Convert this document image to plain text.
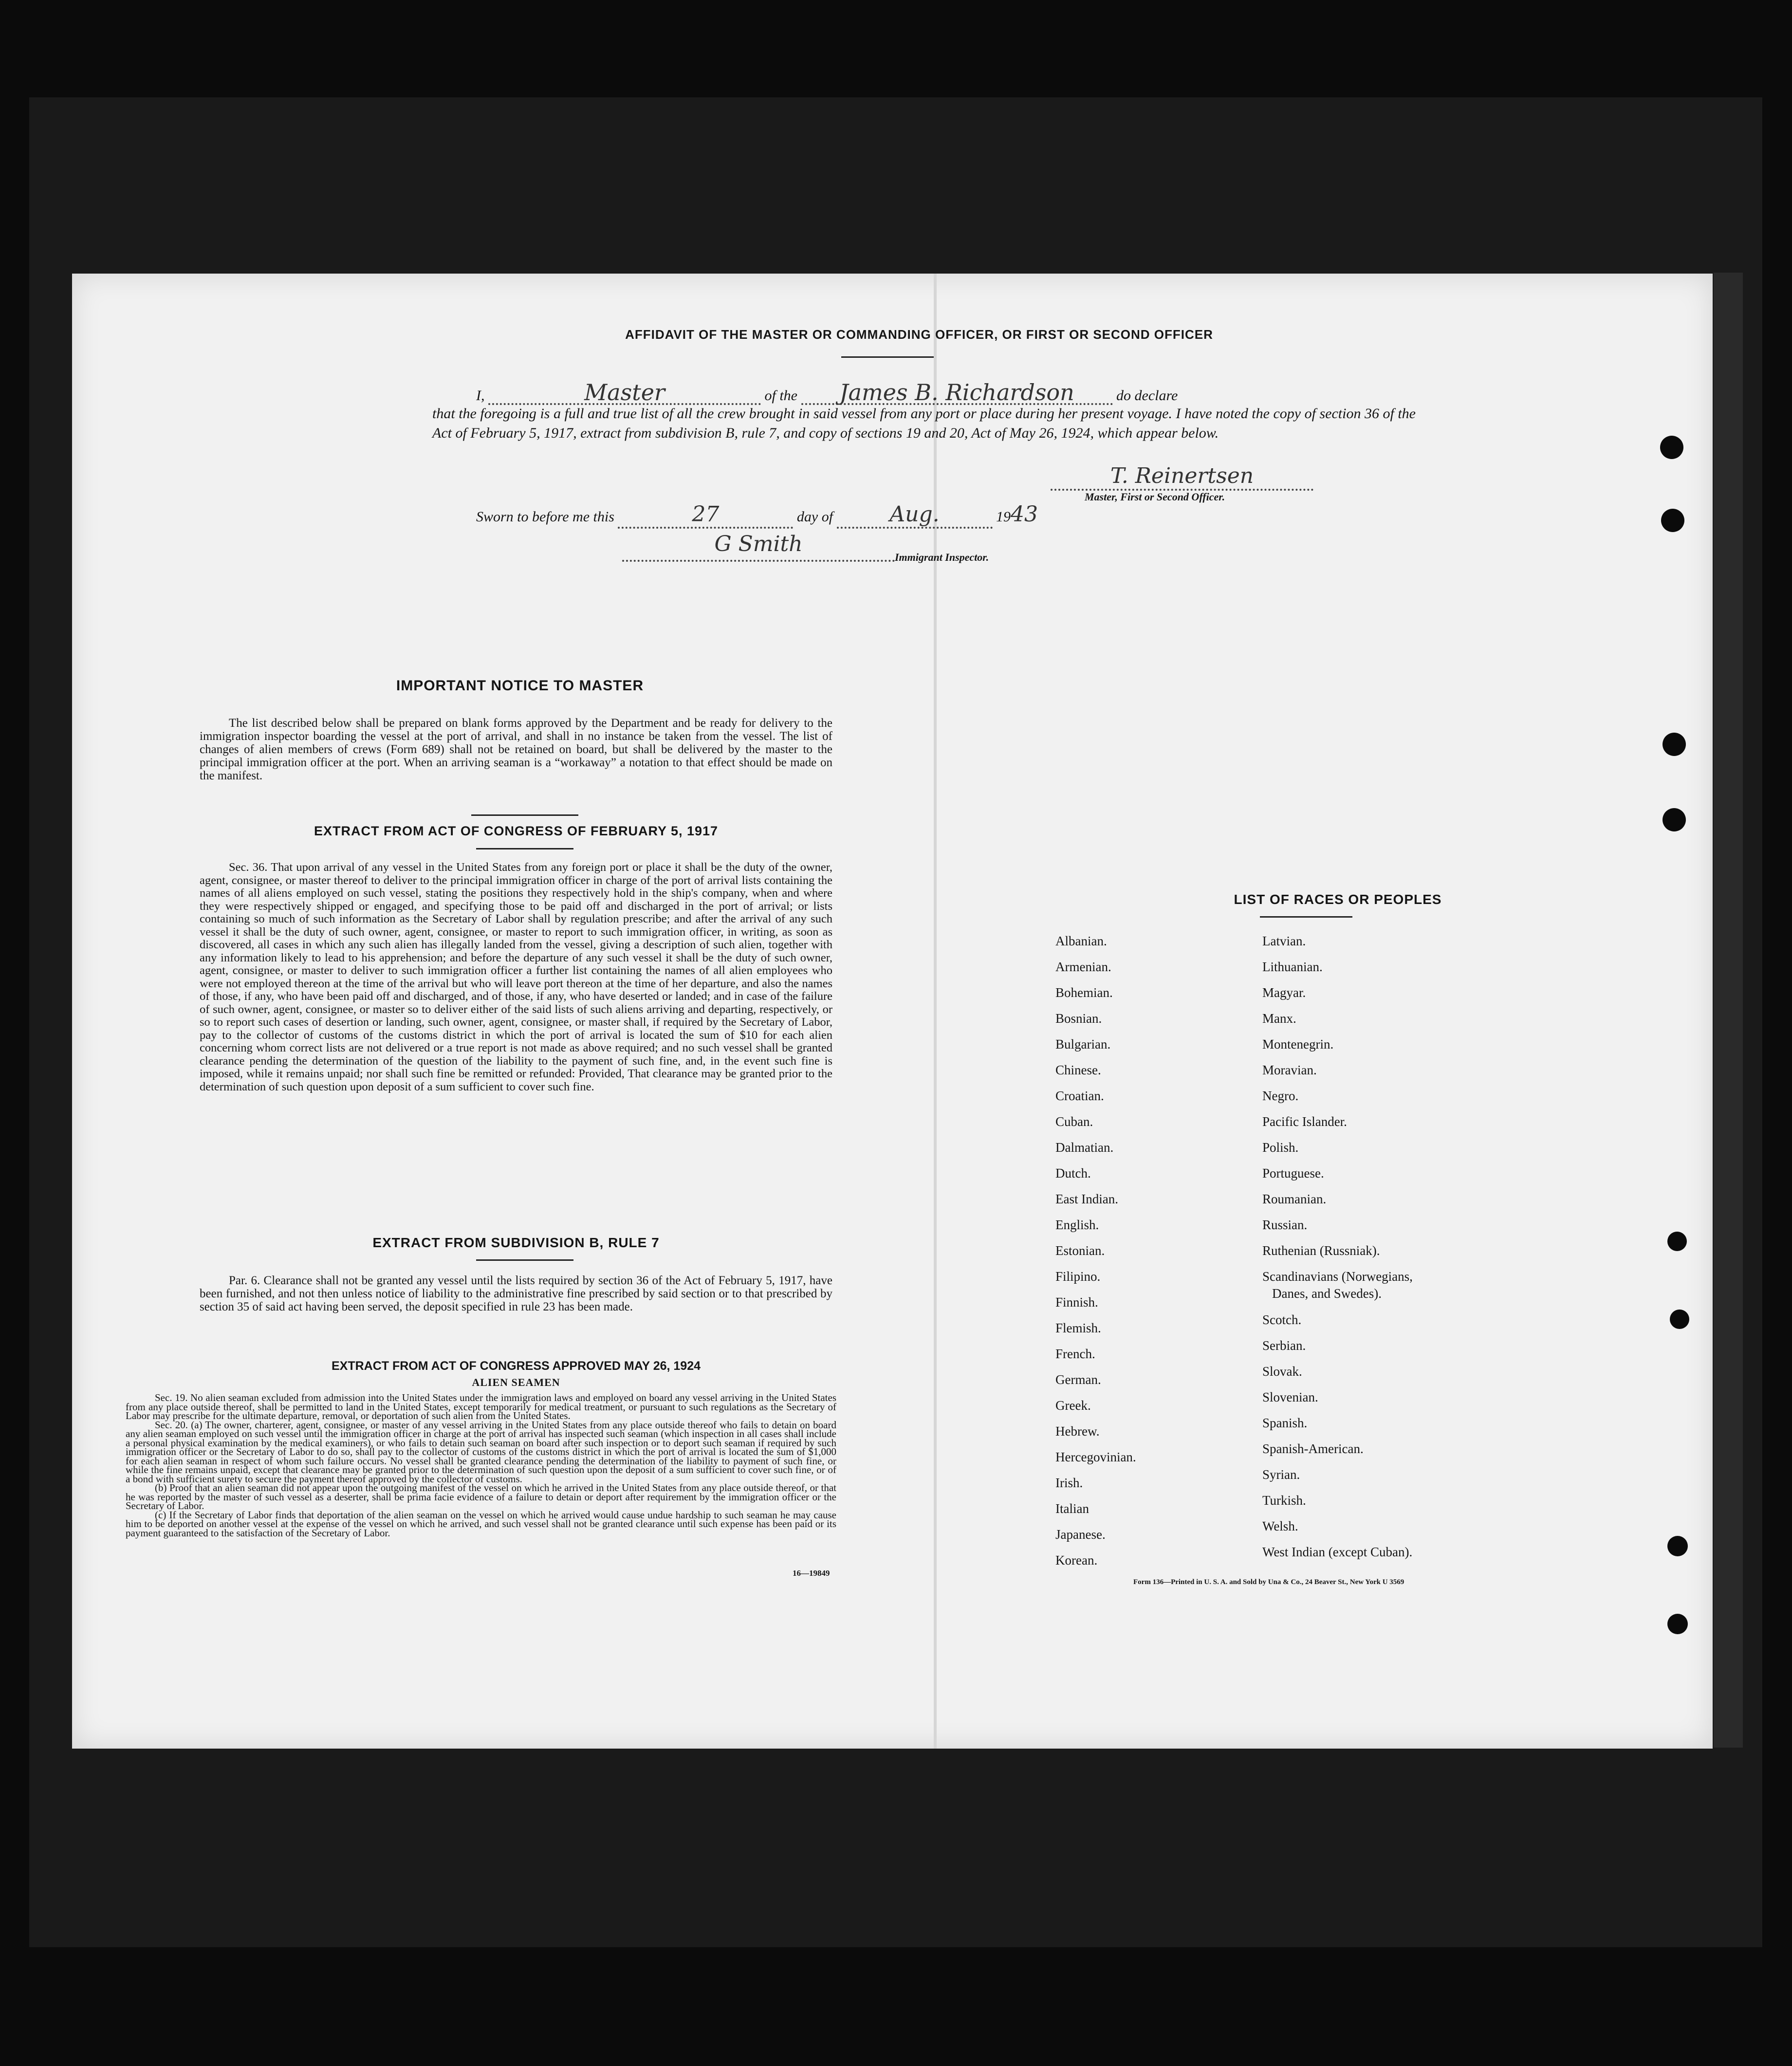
AFFIDAVIT OF THE MASTER OR COMMANDING OFFICER, OR FIRST OR SECOND OFFICER
I,	Master	of the James B. Richardson	do declare
that the foregoing is a full and true list of all the crew brought in said vessel from any port or place during her present voyage. I have noted the copy of section 36 of the Act of February 5, 1917, extract from subdivision B, rule 7, and copy of sections 19 and 20, Act of May 26, 1924, which appear below.
T. Reinertsen
Master, First or Second Officer.
Sworn to before me this	27	day of	Aug.	1943
G Smith
Immigrant Inspector.
IMPORTANT NOTICE TO MASTER
The list described below shall be prepared on blank forms approved by the Department and be ready for delivery to the immigration inspector boarding the vessel at the port of arrival, and shall in no instance be taken from the vessel. The list of changes of alien members of crews (Form 689) shall not be retained on board, but shall be delivered by the master to the principal immigration officer at the port. When an arriving seaman is a “workaway” a notation to that effect should be made on the manifest.
EXTRACT FROM ACT OF CONGRESS OF FEBRUARY 5, 1917
Sec. 36. That upon arrival of any vessel in the United States from any foreign port or place it shall be the duty of the owner, agent, consignee, or master thereof to deliver to the principal immigration officer in charge of the port of arrival lists containing the names of all aliens employed on such vessel, stating the positions they respectively hold in the ship's company, when and where they were respectively shipped or engaged, and specifying those to be paid off and discharged in the port of arrival; or lists containing so much of such information as the Secretary of Labor shall by regulation prescribe; and after the arrival of any such vessel it shall be the duty of such owner, agent, consignee, or master to report to such immigration officer, in writing, as soon as discovered, all cases in which any such alien has illegally landed from the vessel, giving a description of such alien, together with any information likely to lead to his apprehension; and before the departure of any such vessel it shall be the duty of such owner, agent, consignee, or master to deliver to such immigration officer a further list containing the names of all alien employees who were not employed thereon at the time of the arrival but who will leave port thereon at the time of her departure, and also the names of those, if any, who have been paid off and discharged, and of those, if any, who have deserted or landed; and in case of the failure of such owner, agent, consignee, or master so to deliver either of the said lists of such aliens arriving and departing, respectively, or so to report such cases of desertion or landing, such owner, agent, consignee, or master shall, if required by the Secretary of Labor, pay to the collector of customs of the customs district in which the port of arrival is located the sum of $10 for each alien concerning whom correct lists are not delivered or a true report is not made as above required; and no such vessel shall be granted clearance pending the determination of the question of the liability to the payment of such fine, and, in the event such fine is imposed, while it remains unpaid; nor shall such fine be remitted or refunded: Provided, That clearance may be granted prior to the determination of such question upon deposit of a sum sufficient to cover such fine.
EXTRACT FROM SUBDIVISION B, RULE 7
Par. 6. Clearance shall not be granted any vessel until the lists required by section 36 of the Act of February 5, 1917, have been furnished, and not then unless notice of liability to the administrative fine prescribed by said section or to that prescribed by section 35 of said act having been served, the deposit specified in rule 23 has been made.
EXTRACT FROM ACT OF CONGRESS APPROVED MAY 26, 1924
ALIEN SEAMEN
Sec. 19. No alien seaman excluded from admission into the United States under the immigration laws and employed on board any vessel arriving in the United States from any place outside thereof, shall be permitted to land in the United States, except temporarily for medical treatment, or pursuant to such regulations as the Secretary of Labor may prescribe for the ultimate departure, removal, or deportation of such alien from the United States.
Sec. 20. (a) The owner, charterer, agent, consignee, or master of any vessel arriving in the United States from any place outside thereof who fails to detain on board any alien seaman employed on such vessel until the immigration officer in charge at the port of arrival has inspected such seaman (which inspection in all cases shall include a personal physical examination by the medical examiners), or who fails to detain such seaman on board after such inspection or to deport such seaman if required by such immigration officer or the Secretary of Labor to do so, shall pay to the collector of customs of the customs district in which the port of arrival is located the sum of $1,000 for each alien seaman in respect of whom such failure occurs. No vessel shall be granted clearance pending the determination of the liability to payment of such fine, or while the fine remains unpaid, except that clearance may be granted prior to the determination of such question upon the deposit of a sum sufficient to cover such fine, or of a bond with sufficient surety to secure the payment thereof approved by the collector of customs.
(b) Proof that an alien seaman did not appear upon the outgoing manifest of the vessel on which he arrived in the United States from any place outside thereof, or that he was reported by the master of such vessel as a deserter, shall be prima facie evidence of a failure to detain or deport after requirement by the immigration officer or the Secretary of Labor.
(c) If the Secretary of Labor finds that deportation of the alien seaman on the vessel on which he arrived would cause undue hardship to such seaman he may cause him to be deported on another vessel at the expense of the vessel on which he arrived, and such vessel shall not be granted clearance until such expense has been paid or its payment guaranteed to the satisfaction of the Secretary of Labor.
16—19849
LIST OF RACES OR PEOPLES
Albanian.
Armenian.
Bohemian.
Bosnian.
Bulgarian.
Chinese.
Croatian.
Cuban.
Dalmatian.
Dutch.
East Indian.
English.
Estonian.
Filipino.
Finnish.
Flemish.
French.
German.
Greek.
Hebrew.
Hercegovinian.
Irish.
Italian
Japanese.
Korean.
Latvian.
Lithuanian.
Magyar.
Manx.
Montenegrin.
Moravian.
Negro.
Pacific Islander.
Polish.
Portuguese.
Roumanian.
Russian.
Ruthenian (Russniak).
Scandinavians (Norwegians,
Danes, and Swedes).
Scotch.
Serbian.
Slovak.
Slovenian.
Spanish.
Spanish-American.
Syrian.
Turkish.
Welsh.
West Indian (except Cuban).
Form 136—Printed in U. S. A. and Sold by Una & Co., 24 Beaver St., New York U 3569
